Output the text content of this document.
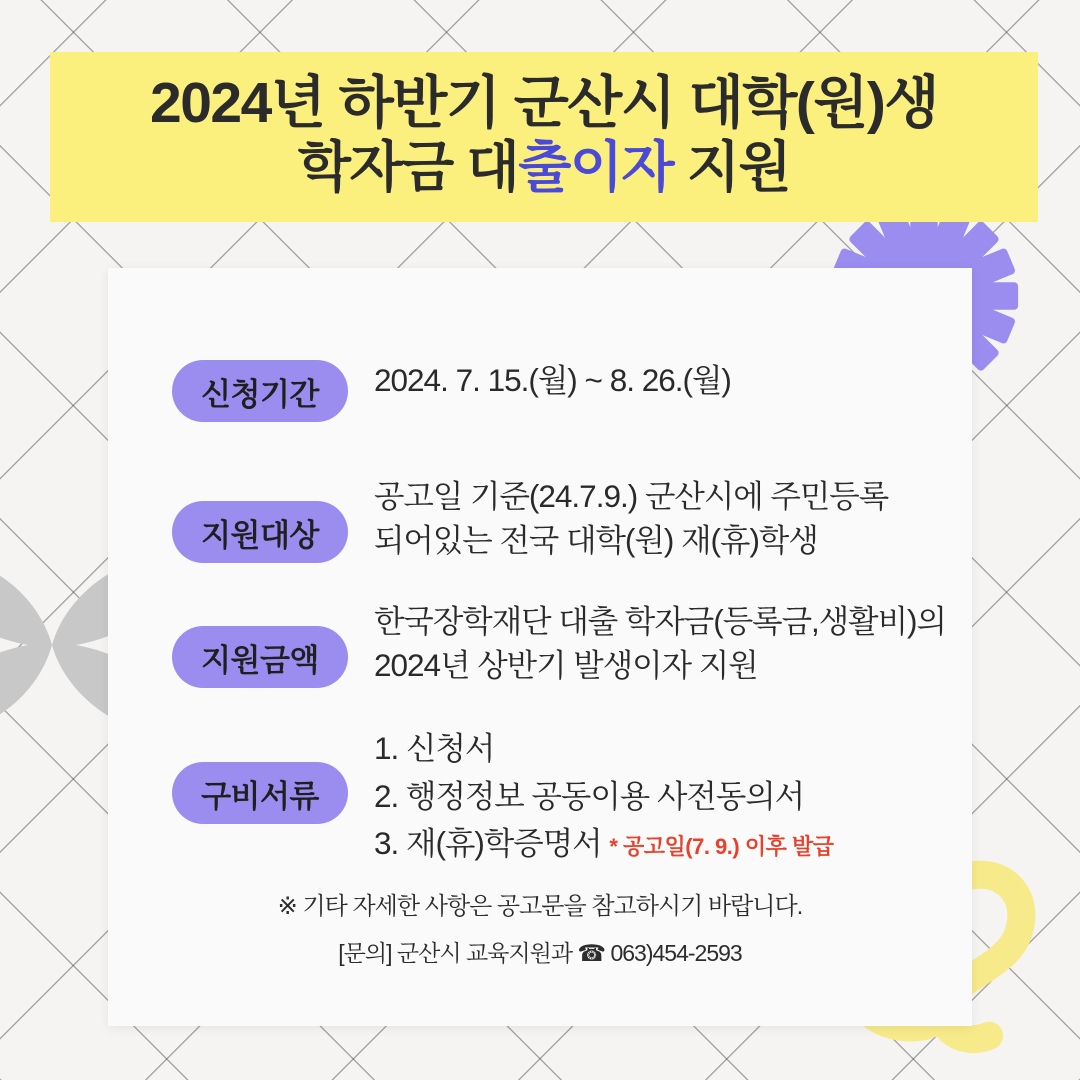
2024년 하반기 군산시 대학(원)생
학자금 대출이자 지원
신청기간	2024. 7. 15.(월) ~ 8. 26.(월)
지원대상
공고일 기준(24.7.9.) 군산시에 주민등록
되어있는 전국 대학(원) 재(휴)학생
지원금액
한국장학재단 대출 학자금(등록금,생활비)의
2024년 상반기 발생이자 지원
구비서류
1. 신청서
2. 행정정보 공동이용 사전동의서
3. 재(휴)학증명서 * 공고일(7. 9.) 이후 발급
※ 기타 자세한 사항은 공고문을 참고하시기 바랍니다.
[문의] 군산시 교육지원과 ☎ 063)454-2593
